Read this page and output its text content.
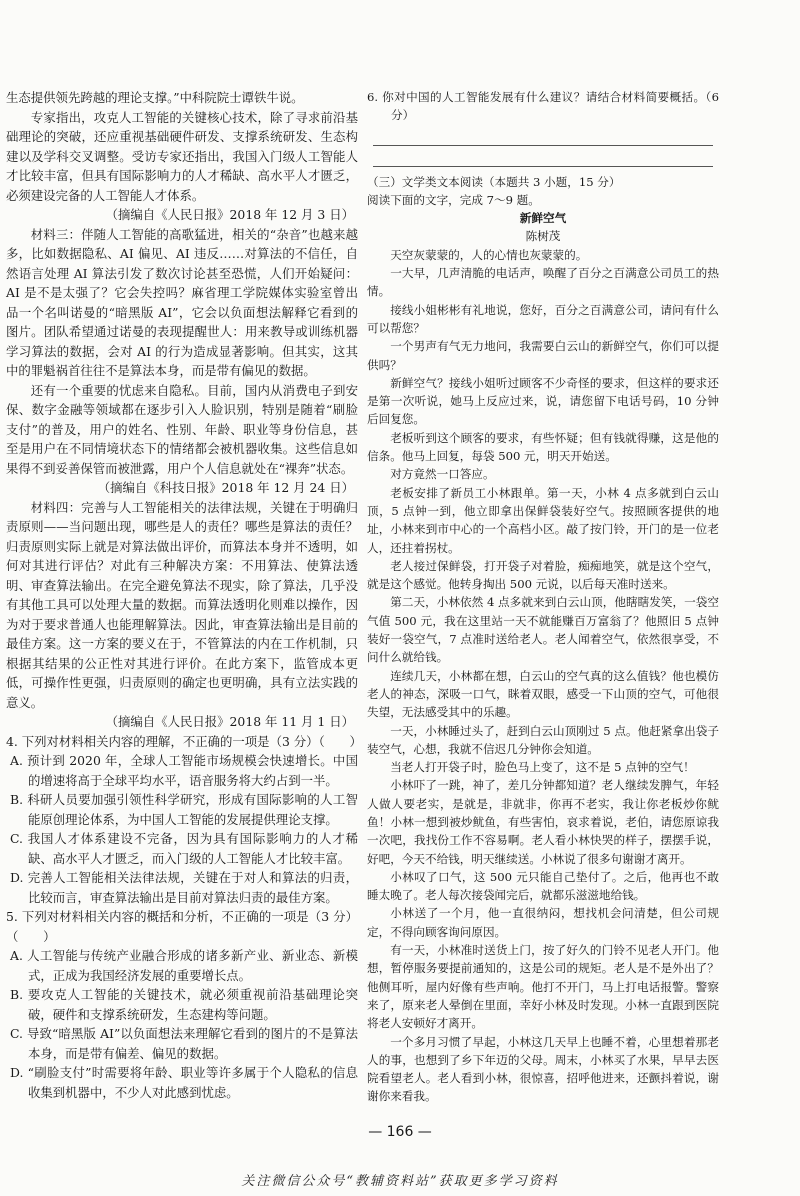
生态提供领先跨越的理论支撑。”中科院院士谭铁牛说。

专家指出，攻克人工智能的关键核心技术，除了寻求前沿基础理论的突破，还应重视基础硬件研发、支撑系统研发、生态构建以及学科交叉调整。受访专家还指出，我国入门级人工智能人才比较丰富，但具有国际影响力的人才稀缺、高水平人才匮乏，必须建设完备的人工智能人才体系。

（摘编自《人民日报》2018 年 12 月 3 日）

材料三：伴随人工智能的高歌猛进，相关的“杂音”也越来越多，比如数据隐私、AI 偏见、AI 违反……对算法的不信任，自然语言处理 AI 算法引发了数次讨论甚至恐慌，人们开始疑问：AI 是不是太强了？它会失控吗？麻省理工学院媒体实验室曾出品一个名叫诺曼的“暗黑版 AI”，它会以负面想法解释它看到的图片。团队希望通过诺曼的表现提醒世人：用来教导或训练机器学习算法的数据，会对 AI 的行为造成显著影响。但其实，这其中的罪魁祸首往往不是算法本身，而是带有偏见的数据。

还有一个重要的忧虑来自隐私。目前，国内从消费电子到安保、数字金融等领域都在逐步引入人脸识别，特别是随着“刷脸支付”的普及，用户的姓名、性别、年龄、职业等身份信息，甚至是用户在不同情境状态下的情绪都会被机器收集。这些信息如果得不到妥善保管而被泄露，用户个人信息就处在“裸奔”状态。

（摘编自《科技日报》2018 年 12 月 24 日）

材料四：完善与人工智能相关的法律法规，关键在于明确归责原则——当问题出现，哪些是人的责任？哪些是算法的责任？归责原则实际上就是对算法做出评价，而算法本身并不透明，如何对其进行评估？对此有三种解决方案：不用算法、使算法透明、审查算法输出。在完全避免算法不现实，除了算法，几乎没有其他工具可以处理大量的数据。而算法透明化则难以操作，因为对于要求普通人也能理解算法。因此，审查算法输出是目前的最佳方案。这一方案的要义在于，不管算法的内在工作机制，只根据其结果的公正性对其进行评价。在此方案下，监管成本更低，可操作性更强，归责原则的确定也更明确，具有立法实践的意义。

（摘编自《人民日报》2018 年 11 月 1 日）

4. 下列对材料相关内容的理解，不正确的一项是（3 分）（　　）

A. 预计到 2020 年，全球人工智能市场规模会快速增长。中国的增速将高于全球平均水平，语音服务将大约占到一半。

B. 科研人员要加强引领性科学研究，形成有国际影响的人工智能原创理论体系，为中国人工智能的发展提供理论支撑。

C. 我国人才体系建设不完备，因为具有国际影响力的人才稀缺、高水平人才匮乏，而入门级的人工智能人才比较丰富。

D. 完善人工智能相关法律法规，关键在于对人和算法的归责，比较而言，审查算法输出是目前对算法归责的最佳方案。

5. 下列对材料相关内容的概括和分析，不正确的一项是（3 分）（　　）

A. 人工智能与传统产业融合形成的诸多新产业、新业态、新模式，正成为我国经济发展的重要增长点。

B. 要攻克人工智能的关键技术，就必须重视前沿基础理论突破，硬件和支撑系统研发，生态建构等问题。

C. 导致“暗黑版 AI”以负面想法来理解它看到的图片的不是算法本身，而是带有偏差、偏见的数据。

D. “刷脸支付”时需要将年龄、职业等许多属于个人隐私的信息收集到机器中，不少人对此感到忧虑。

6. 你对中国的人工智能发展有什么建议？请结合材料简要概括。（6 分）

（三）文学类文本阅读（本题共 3 小题，15 分）

阅读下面的文字，完成 7～9 题。

新鲜空气

陈树茂

天空灰蒙蒙的，人的心情也灰蒙蒙的。

一大早，几声清脆的电话声，唤醒了百分之百满意公司员工的热情。

接线小姐彬彬有礼地说，您好，百分之百满意公司，请问有什么可以帮您？

一个男声有气无力地问，我需要白云山的新鲜空气，你们可以提供吗？

新鲜空气？接线小姐听过顾客不少奇怪的要求，但这样的要求还是第一次听说，她马上反应过来，说，请您留下电话号码，10 分钟后回复您。

老板听到这个顾客的要求，有些怀疑；但有钱就得赚，这是他的信条。他马上回复，每袋 500 元，明天开始送。

对方竟然一口答应。

老板安排了新员工小林跟单。第一天，小林 4 点多就到白云山顶，5 点钟一到，他立即拿出保鲜袋装好空气。按照顾客提供的地址，小林来到市中心的一个高档小区。敲了按门铃，开门的是一位老人，还拄着拐杖。

老人接过保鲜袋，打开袋子对着脸，痴痴地笑，就是这个空气，就是这个感觉。他转身掏出 500 元说，以后每天准时送来。

第二天，小林依然 4 点多就来到白云山顶，他瞎瞎发笑，一袋空气值 500 元，我在这里站一天不就能赚百万富翁了？他照旧 5 点钟装好一袋空气，7 点准时送给老人。老人闻着空气，依然很享受，不问什么就给钱。

连续几天，小林都在想，白云山的空气真的这么值钱？他也模仿老人的神态，深吸一口气，眯着双眼，感受一下山顶的空气，可他很失望，无法感受其中的乐趣。

一天，小林睡过头了，赶到白云山顶刚过 5 点。他赶紧拿出袋子装空气，心想，我就不信迟几分钟你会知道。

当老人打开袋子时，脸色马上变了，这不是 5 点钟的空气！

小林吓了一跳，神了，差几分钟都知道？老人继续发脾气，年轻人做人要老实，是就是，非就非，你再不老实，我让你老板炒你鱿鱼！小林一想到被炒鱿鱼，有些害怕，哀求着说，老伯，请您原谅我一次吧，我找份工作不容易啊。老人看小林快哭的样子，摆摆手说，好吧，今天不给钱，明天继续送。小林说了很多句谢谢才离开。

小林叹了口气，这 500 元只能自己垫付了。之后，他再也不敢睡太晚了。老人每次接袋闻完后，就都乐滋滋地给钱。

小林送了一个月，他一直很纳闷，想找机会问清楚，但公司规定，不得向顾客询问原因。

有一天，小林准时送货上门，按了好久的门铃不见老人开门。他想，暂停服务要提前通知的，这是公司的规矩。老人是不是外出了？他侧耳听，屋内好像有些声响。他打不开门，马上打电话报警。警察来了，原来老人晕倒在里面，幸好小林及时发现。小林一直跟到医院将老人安顿好才离开。

一个多月习惯了早起，小林这几天早上也睡不着，心里想着那老人的事，也想到了乡下年迈的父母。周末，小林买了水果，早早去医院看望老人。老人看到小林，很惊喜，招呼他进来，还颤抖着说，谢谢你来看我。

— 166 —
关注微信公众号“教辅资料站”获取更多学习资料
